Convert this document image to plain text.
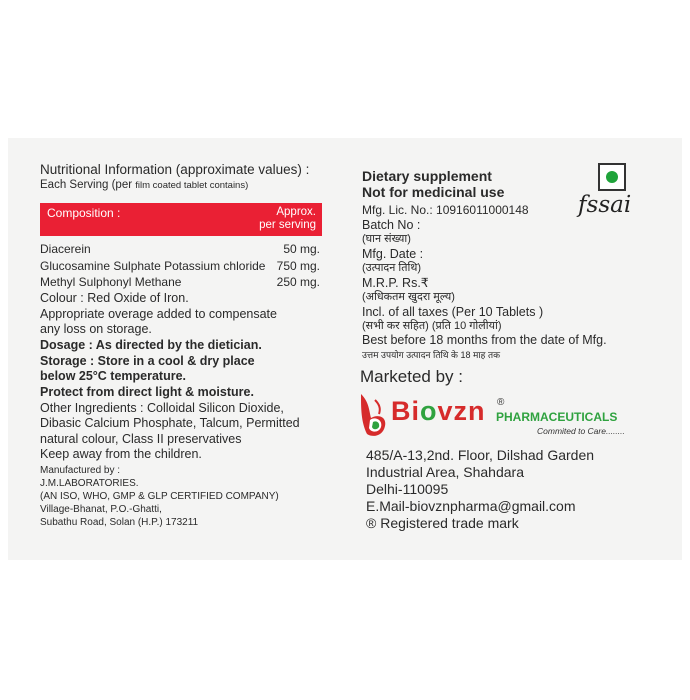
Nutritional Information (approximate values) :
Each Serving (per film coated tablet contains)
Composition :	Approx.
per serving
Diacerein	50 mg.
Glucosamine Sulphate Potassium chloride 750 mg.
Methyl Sulphonyl Methane	250 mg.
Colour : Red Oxide of Iron.
Appropriate overage added to compensate
any loss on storage.
Dosage : As directed by the dietician.
Storage : Store in a cool & dry place
below 25°C temperature.
Protect from direct light & moisture.
Other Ingredients : Colloidal Silicon Dioxide,
Dibasic Calcium Phosphate, Talcum, Permitted
natural colour, Class II preservatives
Keep away from the children.
Manufactured by :
J.M.LABORATORIES.
(AN ISO, WHO, GMP & GLP CERTIFIED COMPANY)
Village-Bhanat, P.O.-Ghatti,
Subathu Road, Solan (H.P.) 173211
Dietary supplement
Not for medicinal use	fssai
Mfg. Lic. No.: 10916011000148
Batch No :
(घान संख्या)
Mfg. Date :
(उत्पादन तिथि)
M.R.P. Rs.₹
(अधिकतम खुदरा मूल्य)
Incl. of all taxes (Per 10 Tablets )
(सभी कर सहित) (प्रति 10 गोलीयां)
Best before 18 months from the date of Mfg.
उत्तम उपयोग उत्पादन तिथि के 18 माह तक
Marketed by :
Biovzn ®
PHARMACEUTICALS
Commited to Care........
485/A-13,2nd. Floor, Dilshad Garden
Industrial Area, Shahdara
Delhi-110095
E.Mail-biovznpharma@gmail.com
® Registered trade mark
